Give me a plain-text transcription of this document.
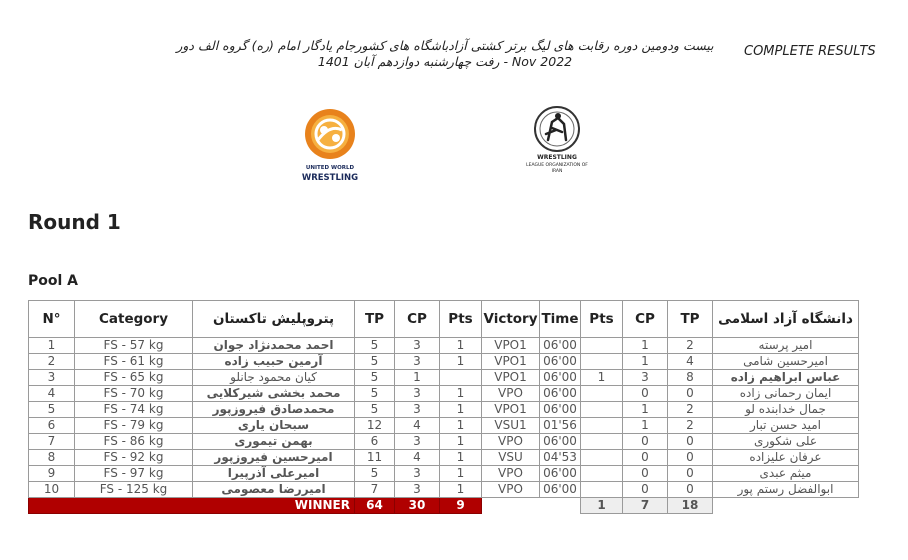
بیست ودومین دوره رقابت های لیگ برتر کشتی آزادباشگاه های کشورجام یادگار امام (ره) گروه الف دور
رفت چهارشنبه دوازدهم آبان 1401 - Nov 2022
COMPLETE RESULTS
UNITED WORLD
WRESTLING
WRESTLING
LEAGUE ORGANIZATION OF
IRAN
Round 1
Pool A
N°	Category	پتروپلیش تاکستان	TP	CP	Pts	Victory	Time	Pts	CP	TP	دانشگاه آزاد اسلامی
1	FS - 57 kg	احمد محمدنژاد جوان	5	3	1	VPO1	06'00		1	2	امیر پرسته
2	FS - 61 kg	آرمین حبیب زاده	5	3	1	VPO1	06'00		1	4	امیرحسین شامی
3	FS - 65 kg	کیان محمود جانلو	5	1		VPO1	06'00	1	3	8	عباس ابراهیم زاده
4	FS - 70 kg	محمد بخشی شیرکلایی	5	3	1	VPO	06'00		0	0	ایمان رحمانی زاده
5	FS - 74 kg	محمدصادق فیروزپور	5	3	1	VPO1	06'00		1	2	جمال خدابنده لو
6	FS - 79 kg	سبحان یاری	12	4	1	VSU1	01'56		1	2	امید حسن تبار
7	FS - 86 kg	بهمن تیموری	6	3	1	VPO	06'00		0	0	علی شکوری
8	FS - 92 kg	امیرحسین فیروزپور	11	4	1	VSU	04'53		0	0	عرفان علیزاده
9	FS - 97 kg	امیرعلی آذرپیرا	5	3	1	VPO	06'00		0	0	میثم عبدی
10	FS - 125 kg	امیررضا معصومی	7	3	1	VPO	06'00		0	0	ابوالفضل رستم پور
WINNER			64	30	9			1	7	18	
